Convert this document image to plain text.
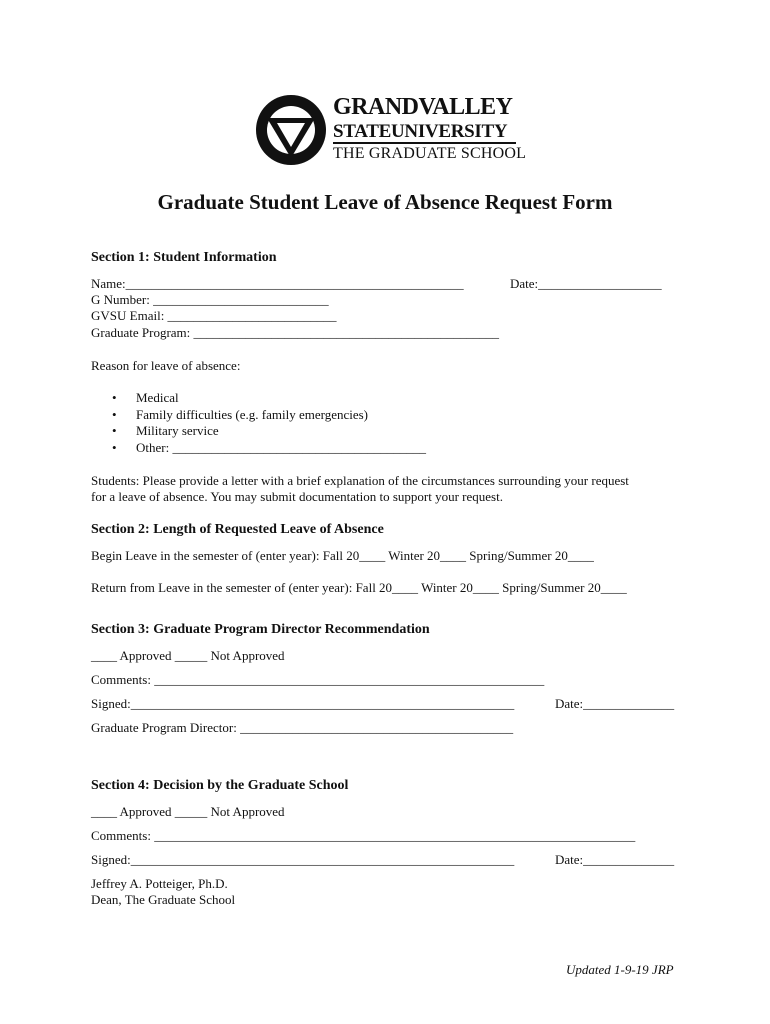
GRANDVALLEY
STATEUNIVERSITY
THE GRADUATE SCHOOL
Graduate Student Leave of Absence Request Form
Section 1: Student Information
Name:____________________________________________________	Date:___________________
G Number: ___________________________
GVSU Email: __________________________
Graduate Program: _______________________________________________
Reason for leave of absence:
• Medical
• Family difficulties (e.g. family emergencies)
• Military service
• Other: _______________________________________
Students: Please provide a letter with a brief explanation of the circumstances surrounding your request
for a leave of absence. You may submit documentation to support your request.
Section 2: Length of Requested Leave of Absence
Begin Leave in the semester of (enter year): Fall 20____ Winter 20____ Spring/Summer 20____
Return from Leave in the semester of (enter year): Fall 20____ Winter 20____ Spring/Summer 20____
Section 3: Graduate Program Director Recommendation
____ Approved _____ Not Approved
Comments: ____________________________________________________________
Signed:___________________________________________________________	Date:______________
Graduate Program Director: __________________________________________
Section 4: Decision by the Graduate School
____ Approved _____ Not Approved
Comments: __________________________________________________________________________
Signed:___________________________________________________________	Date:______________
Jeffrey A. Potteiger, Ph.D.
Dean, The Graduate School
Updated 1-9-19 JRP
